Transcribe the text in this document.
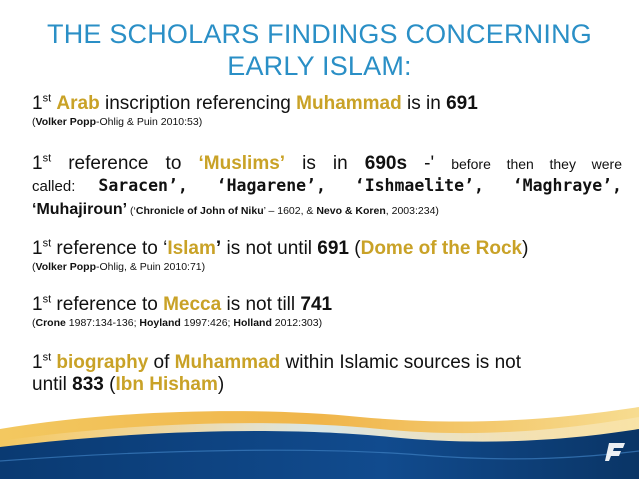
THE SCHOLARS FINDINGS CONCERNING
EARLY ISLAM:
1st Arab inscription referencing Muhammad is in 691
(Volker Popp-Ohlig & Puin 2010:53)
1st reference to ‘Muslims’ is in 690s -' before then they were
called: Saracen’, ‘Hagarene’, ‘Ishmaelite’, ‘Maghraye’,
‘Muhajiroun’ (‘Chronicle of John of Niku’ – 1602, & Nevo & Koren, 2003:234)
1st reference to ‘Islam’ is not until 691 (Dome of the Rock)
(Volker Popp-Ohlig, & Puin 2010:71)
1st reference to Mecca is not till 741
(Crone 1987:134-136; Hoyland 1997:426; Holland 2012:303)
1st biography of Muhammad within Islamic sources is not
until 833 (Ibn Hisham)
